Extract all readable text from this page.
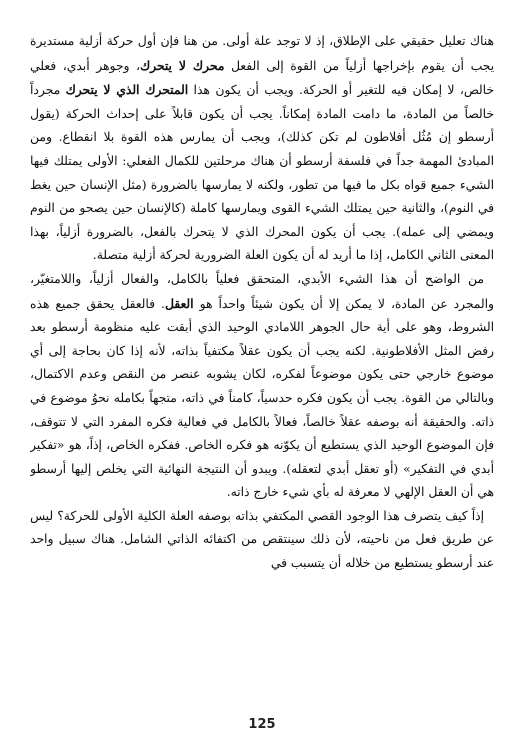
هناك تعليل حقيقي على الإطلاق، إذ لا توجد علة أولى. من هنا فإن أول حركة أزلية مستديرة يجب أن يقوم بإخراجها أزلياً من القوة إلى الفعل محرك لا يتحرك، وجوهر أبدي، فعلي خالص، لا إمكان فيه للتغير أو الحركة. ويجب أن يكون هذا المتحرك الذي لا يتحرك مجرداً خالصاً من المادة، ما دامت المادة إمكاناً. يجب أن يكون قابلاً على إحداث الحركة (يقول أرسطو إن مُثُل أفلاطون لم تكن كذلك)، ويجب أن يمارس هذه القوة بلا انقطاع. ومن المبادئ المهمة جداً في فلسفة أرسطو أن هناك مرحلتين للكمال الفعلي: الأولى يمتلك فيها الشيء جميع قواه بكل ما فيها من تطور، ولكنه لا يمارسها بالضرورة (مثل الإنسان حين يغط في النوم)، والثانية حين يمتلك الشيء القوى ويمارسها كاملة (كالإنسان حين يصحو من النوم ويمضي إلى عمله). يجب أن يكون المحرك الذي لا يتحرك بالفعل، بالضرورة أزلياً، بهذا المعنى الثاني الكامل، إذا ما أريد له أن يكون العلة الضرورية لحركة أزلية متصلة.

من الواضح أن هذا الشيء الأبدي، المتحقق فعلياً بالكامل، والفعال أزلياً، واللامتغيّر، والمجرد عن المادة، لا يمكن إلا أن يكون شيئاً واحداً هو العقل. فالعقل يحقق جميع هذه الشروط، وهو على أية حال الجوهر اللامادي الوحيد الذي أبقت عليه منظومة أرسطو بعد رفض المثل الأفلاطونية. لكنه يجب أن يكون عقلاً مكتفياً بذاته، لأنه إذا كان بحاجة إلى أي موضوع خارجي حتى يكون موضوعاً لفكره، لكان يشوبه عنصر من النقص وعدم الاكتمال، وبالتالي من القوة. يجب أن يكون فكره حدسياً، كامناً في ذاته، متجهاً بكامله نحوُ موضوع في ذاته. والحقيقة أنه بوصفه عقلاً خالصاً، فعالاً بالكامل في فعالية فكره المفرد التي لا تتوقف، فإن الموضوع الوحيد الذي يستطيع أن يكوّنه هو فكره الخاص. ففكره الخاص، إذاً، هو «تفكير أبدي في التفكير» (أو تعقل أبدي لتعقله). ويبدو أن النتيجة النهائية التي يخلص إليها أرسطو هي أن العقل الإلهي لا معرفة له بأي شيء خارج ذاته.

إذاً كيف يتصرف هذا الوجود القصي المكتفي بذاته بوصفه العلة الكلية الأولى للحركة؟ ليس عن طريق فعل من ناحيته، لأن ذلك سينتقص من اكتفائه الذاتي الشامل. هناك سبيل واحد عند أرسطو يستطيع من خلاله أن يتسبب في

125
